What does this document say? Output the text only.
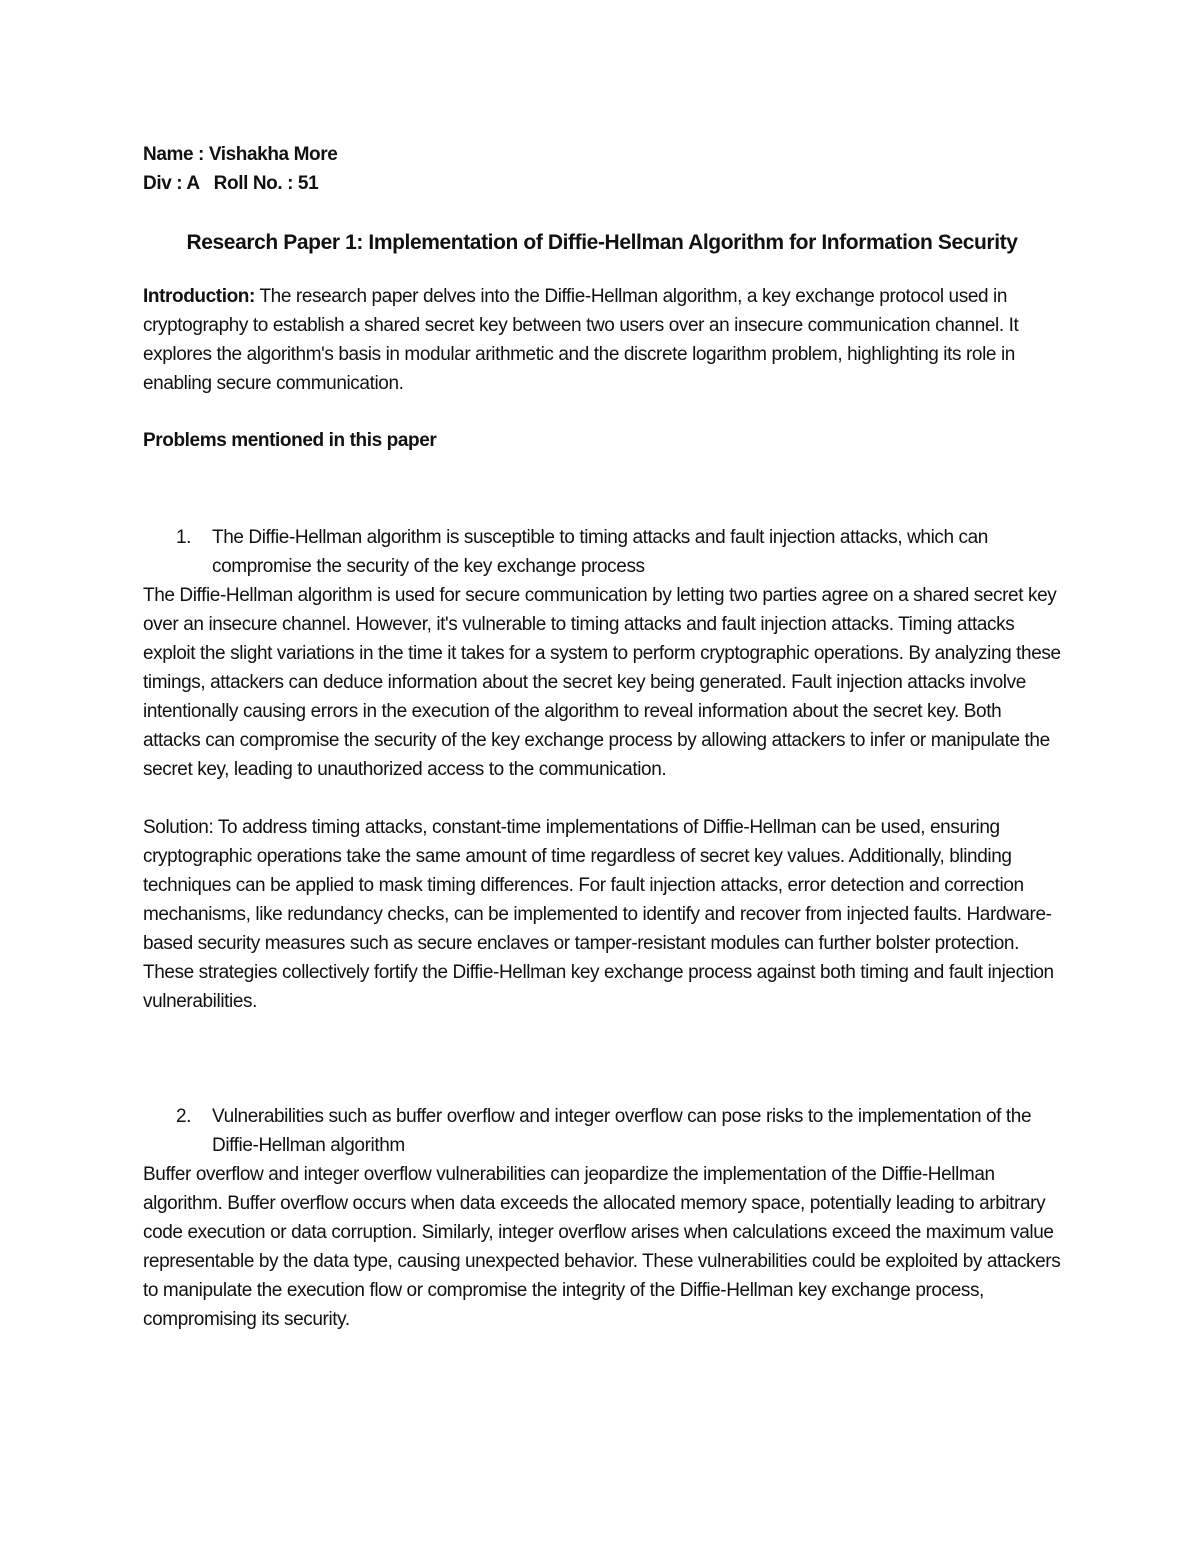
Name : Vishakha More

Div : A Roll No. : 51

Research Paper 1: Implementation of Diffie-Hellman Algorithm for Information Security

Introduction: The research paper delves into the Diffie-Hellman algorithm, a key exchange protocol used in cryptography to establish a shared secret key between two users over an insecure communication channel. It explores the algorithm's basis in modular arithmetic and the discrete logarithm problem, highlighting its role in enabling secure communication.

Problems mentioned in this paper

1. The Diffie-Hellman algorithm is susceptible to timing attacks and fault injection attacks, which can compromise the security of the key exchange process

The Diffie-Hellman algorithm is used for secure communication by letting two parties agree on a shared secret key over an insecure channel. However, it's vulnerable to timing attacks and fault injection attacks. Timing attacks exploit the slight variations in the time it takes for a system to perform cryptographic operations. By analyzing these timings, attackers can deduce information about the secret key being generated. Fault injection attacks involve intentionally causing errors in the execution of the algorithm to reveal information about the secret key. Both attacks can compromise the security of the key exchange process by allowing attackers to infer or manipulate the secret key, leading to unauthorized access to the communication.

Solution: To address timing attacks, constant-time implementations of Diffie-Hellman can be used, ensuring cryptographic operations take the same amount of time regardless of secret key values. Additionally, blinding techniques can be applied to mask timing differences. For fault injection attacks, error detection and correction mechanisms, like redundancy checks, can be implemented to identify and recover from injected faults. Hardware-based security measures such as secure enclaves or tamper-resistant modules can further bolster protection. These strategies collectively fortify the Diffie-Hellman key exchange process against both timing and fault injection vulnerabilities.

2. Vulnerabilities such as buffer overflow and integer overflow can pose risks to the implementation of the Diffie-Hellman algorithm

Buffer overflow and integer overflow vulnerabilities can jeopardize the implementation of the Diffie-Hellman algorithm. Buffer overflow occurs when data exceeds the allocated memory space, potentially leading to arbitrary code execution or data corruption. Similarly, integer overflow arises when calculations exceed the maximum value representable by the data type, causing unexpected behavior. These vulnerabilities could be exploited by attackers to manipulate the execution flow or compromise the integrity of the Diffie-Hellman key exchange process, compromising its security.
